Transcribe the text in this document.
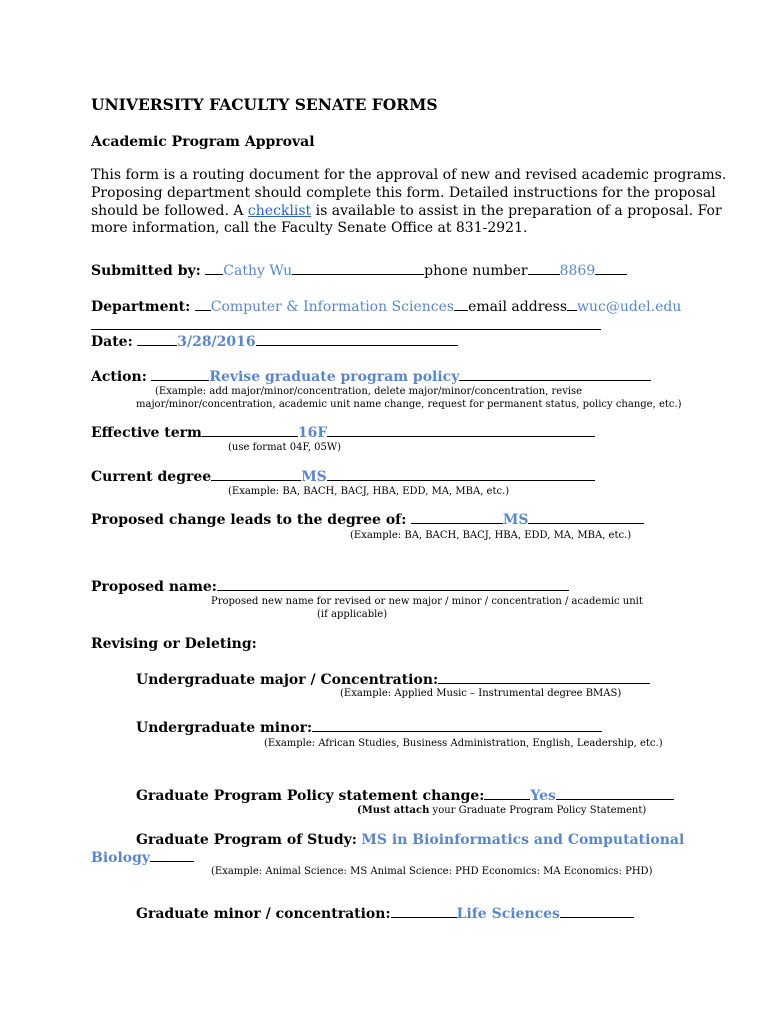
UNIVERSITY FACULTY SENATE FORMS
Academic Program Approval
This form is a routing document for the approval of new and revised academic programs.
Proposing department should complete this form. Detailed instructions for the proposal
should be followed. A checklist is available to assist in the preparation of a proposal. For
more information, call the Faculty Senate Office at 831-2921.
Submitted by: Cathy Wu	phone number 8869
Department: Computer & Information Sciences email address wuc@udel.edu
Date:	3/28/2016
Action:	Revise graduate program policy
(Example: add major/minor/concentration, delete major/minor/concentration, revise
major/minor/concentration, academic unit name change, request for permanent status, policy change, etc.)
Effective term	16F
(use format 04F, 05W)
Current degree	MS
(Example: BA, BACH, BACJ, HBA, EDD, MA, MBA, etc.)
Proposed change leads to the degree of:	MS
(Example: BA, BACH, BACJ, HBA, EDD, MA, MBA, etc.)
Proposed name:
Proposed new name for revised or new major / minor / concentration / academic unit
(if applicable)
Revising or Deleting:
Undergraduate major / Concentration:
(Example: Applied Music – Instrumental degree BMAS)
Undergraduate minor:
(Example: African Studies, Business Administration, English, Leadership, etc.)
Graduate Program Policy statement change:	Yes
(Must attach your Graduate Program Policy Statement)
Graduate Program of Study: MS in Bioinformatics and Computational
Biology
(Example: Animal Science: MS Animal Science: PHD Economics: MA Economics: PHD)
Graduate minor / concentration:	Life Sciences
